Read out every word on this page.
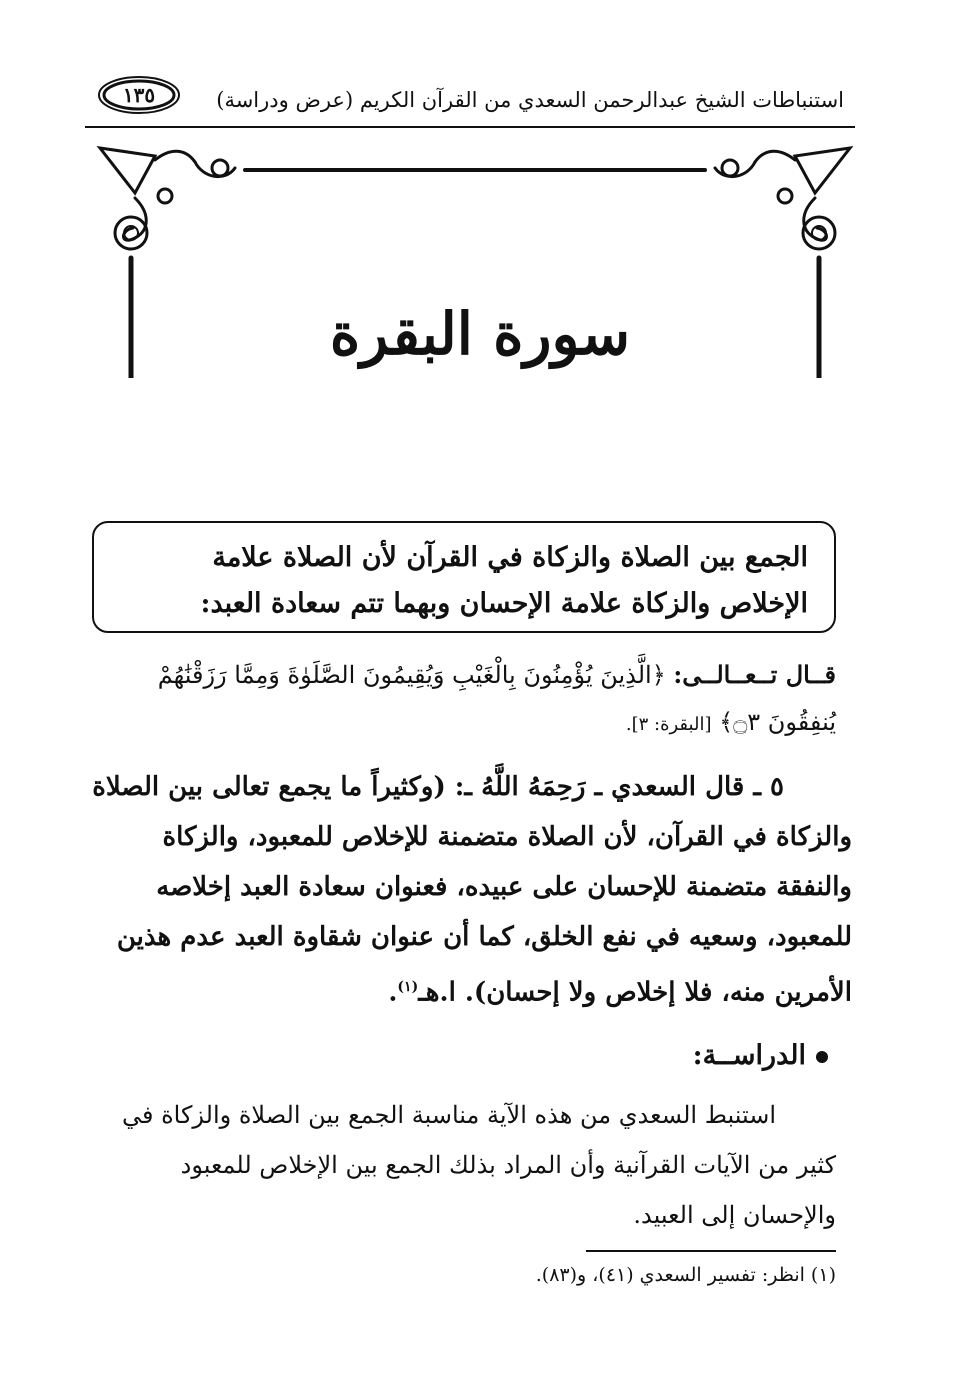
استنباطات الشيخ عبدالرحمن السعدي من القرآن الكريم (عرض ودراسة)
١٣٥
سورة البقرة
الجمع بين الصلاة والزكاة في القرآن لأن الصلاة علامة
الإخلاص والزكاة علامة الإحسان وبهما تتم سعادة العبد:
قــال تــعــالــى: ﴿الَّذِينَ يُؤْمِنُونَ بِالْغَيْبِ وَيُقِيمُونَ الصَّلَوٰةَ وَمِمَّا رَزَقْنَٰهُمْ
يُنفِقُونَ ۝٣﴾ [البقرة: ٣].
٥ ـ قال السعدي ـ رَحِمَهُ اللَّهُ ـ: (وكثيراً ما يجمع تعالى بين الصلاة
والزكاة في القرآن، لأن الصلاة متضمنة للإخلاص للمعبود، والزكاة
والنفقة متضمنة للإحسان على عبيده، فعنوان سعادة العبد إخلاصه
للمعبود، وسعيه في نفع الخلق، كما أن عنوان شقاوة العبد عدم هذين
الأمرين منه، فلا إخلاص ولا إحسان). ا.هـ$^{(١)}$.
الدراســة:
استنبط السعدي من هذه الآية مناسبة الجمع بين الصلاة والزكاة في
كثير من الآيات القرآنية وأن المراد بذلك الجمع بين الإخلاص للمعبود
والإحسان إلى العبيد.
(١) انظر: تفسير السعدي (٤١)، و(٨٣).
